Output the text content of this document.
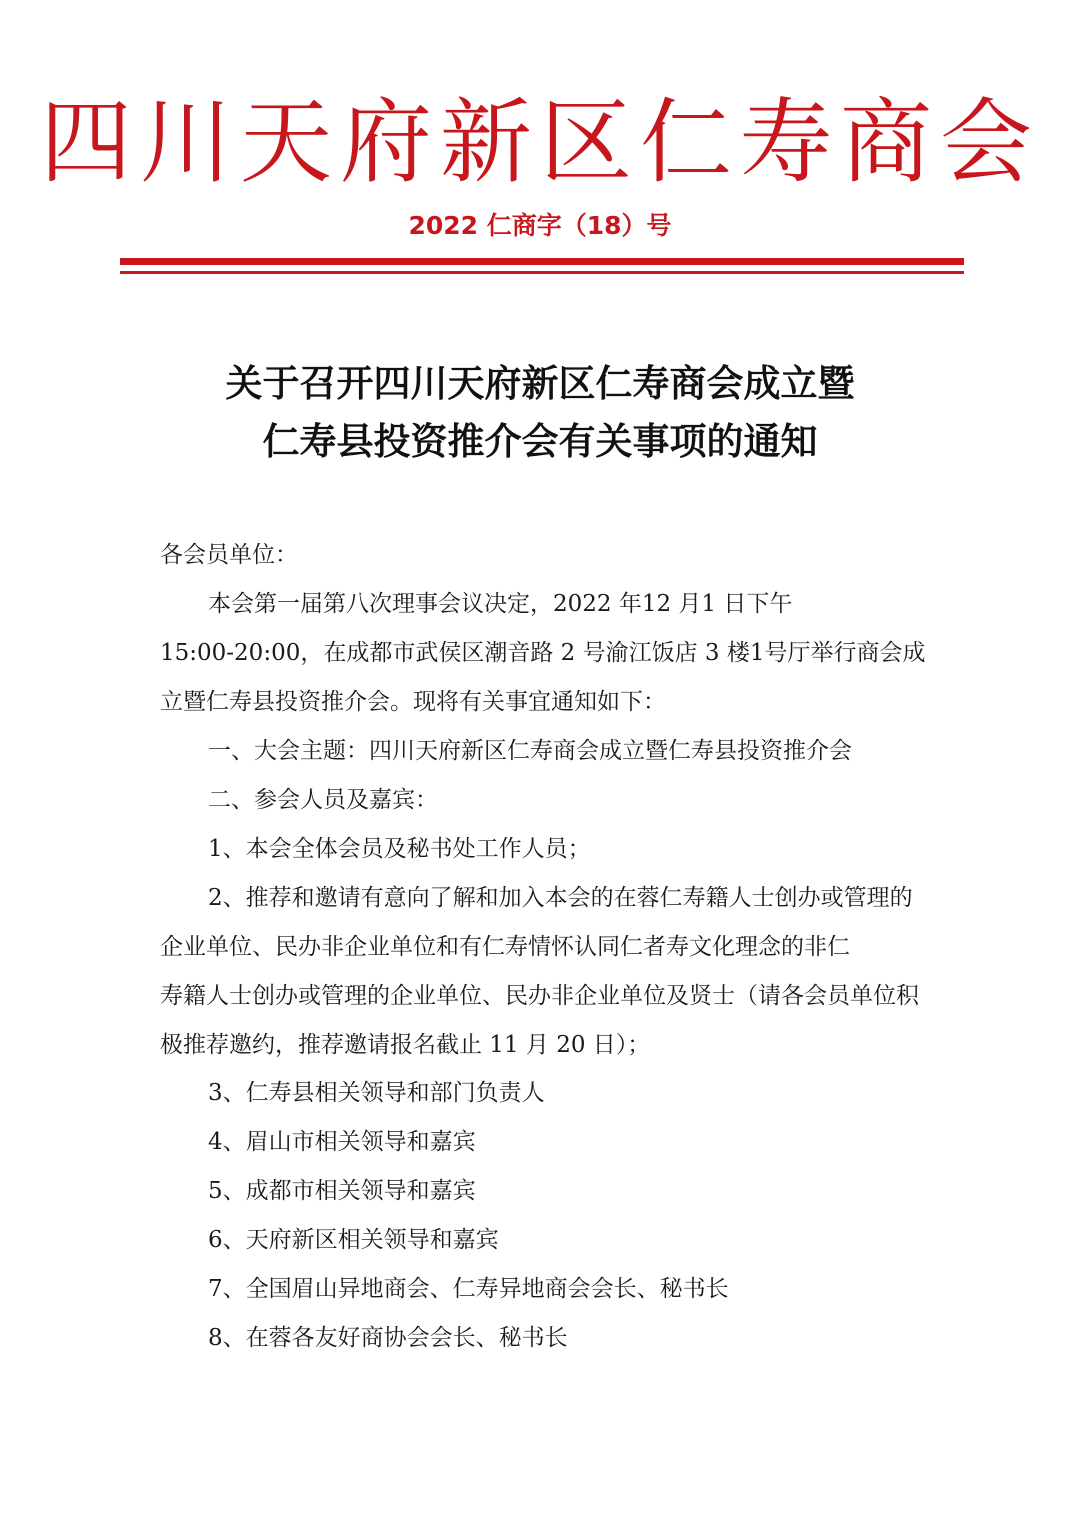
四川天府新区仁寿商会
2022 仁商字（18）号
关于召开四川天府新区仁寿商会成立暨
仁寿县投资推介会有关事项的通知
各会员单位：
本会第一届第八次理事会议决定，2022 年12 月1 日下午
15:00-20:00，在成都市武侯区潮音路 2 号渝江饭店 3 楼1号厅举行商会成
立暨仁寿县投资推介会。现将有关事宜通知如下：
一、大会主题：四川天府新区仁寿商会成立暨仁寿县投资推介会
二、参会人员及嘉宾：
1、本会全体会员及秘书处工作人员；
2、推荐和邀请有意向了解和加入本会的在蓉仁寿籍人士创办或管理的
企业单位、民办非企业单位和有仁寿情怀认同仁者寿文化理念的非仁
寿籍人士创办或管理的企业单位、民办非企业单位及贤士（请各会员单位积
极推荐邀约，推荐邀请报名截止 11 月 20 日）；
3、仁寿县相关领导和部门负责人
4、眉山市相关领导和嘉宾
5、成都市相关领导和嘉宾
6、天府新区相关领导和嘉宾
7、全国眉山异地商会、仁寿异地商会会长、秘书长
8、在蓉各友好商协会会长、秘书长
